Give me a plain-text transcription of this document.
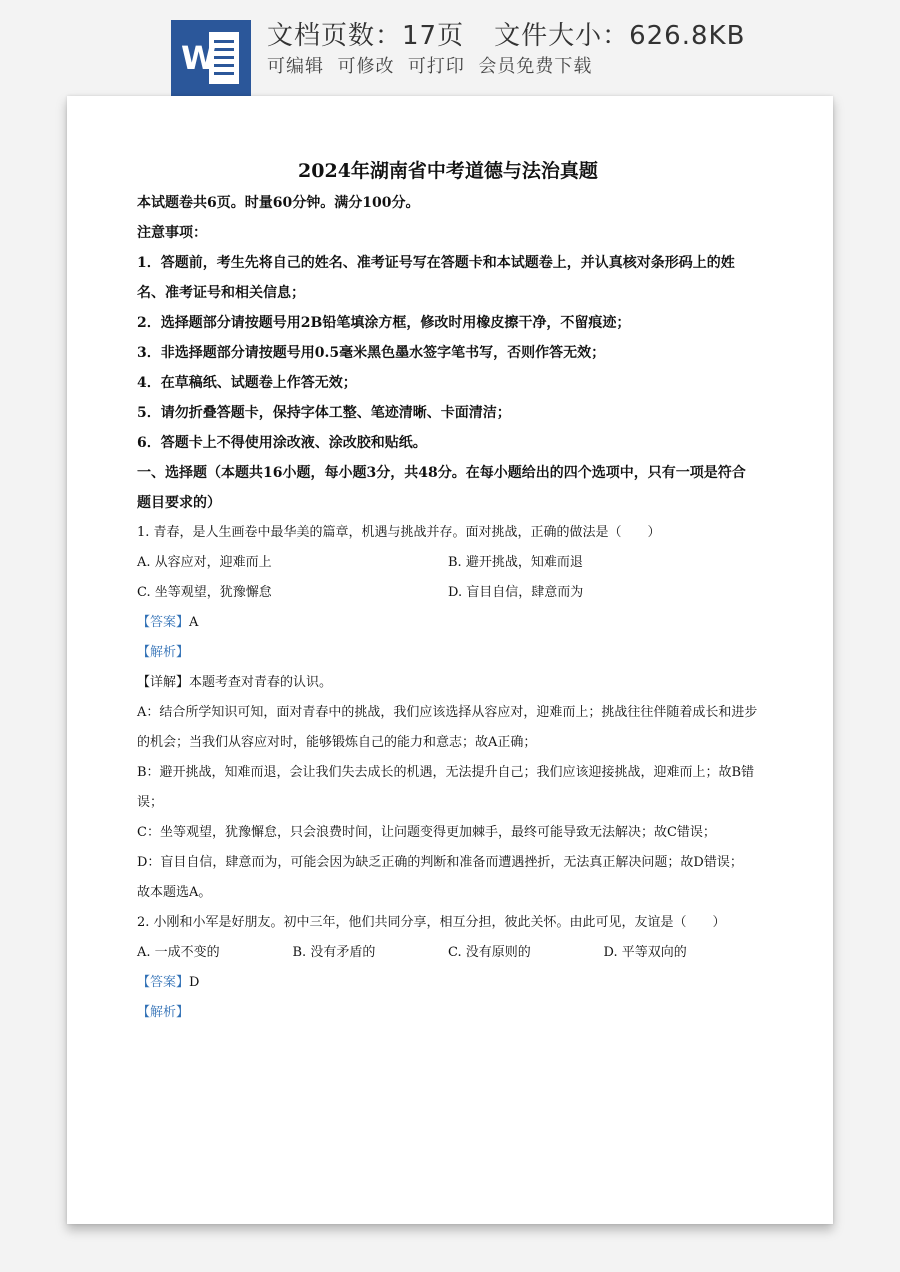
W
文档页数：17页 文件大小：626.8KB
可编辑  可修改  可打印  会员免费下载
2024年湖南省中考道德与法治真题

本试题卷共6页。时量60分钟。满分100分。

注意事项：

1．答题前，考生先将自己的姓名、准考证号写在答题卡和本试题卷上，并认真核对条形码上的姓名、准考证号和相关信息；

2．选择题部分请按题号用2B铅笔填涂方框，修改时用橡皮擦干净，不留痕迹；

3．非选择题部分请按题号用0.5毫米黑色墨水签字笔书写，否则作答无效；

4．在草稿纸、试题卷上作答无效；

5．请勿折叠答题卡，保持字体工整、笔迹清晰、卡面清洁；

6．答题卡上不得使用涂改液、涂改胶和贴纸。

一、选择题（本题共16小题，每小题3分，共48分。在每小题给出的四个选项中，只有一项是符合题目要求的）

1. 青春，是人生画卷中最华美的篇章，机遇与挑战并存。面对挑战，正确的做法是（　　）

A. 从容应对，迎难而上	B. 避开挑战，知难而退
C. 坐等观望，犹豫懈怠	D. 盲目自信，肆意而为

【答案】A

【解析】

【详解】本题考查对青春的认识。

A：结合所学知识可知，面对青春中的挑战，我们应该选择从容应对，迎难而上；挑战往往伴随着成长和进步的机会；当我们从容应对时，能够锻炼自己的能力和意志；故A正确；

B：避开挑战，知难而退，会让我们失去成长的机遇，无法提升自己；我们应该迎接挑战，迎难而上；故B错误；

C：坐等观望，犹豫懈怠，只会浪费时间，让问题变得更加棘手，最终可能导致无法解决；故C错误；

D：盲目自信，肆意而为，可能会因为缺乏正确的判断和准备而遭遇挫折，无法真正解决问题；故D错误；

故本题选A。

2. 小刚和小军是好朋友。初中三年，他们共同分享，相互分担，彼此关怀。由此可见，友谊是（　　）

A. 一成不变的	B. 没有矛盾的	C. 没有原则的	D. 平等双向的

【答案】D

【解析】
